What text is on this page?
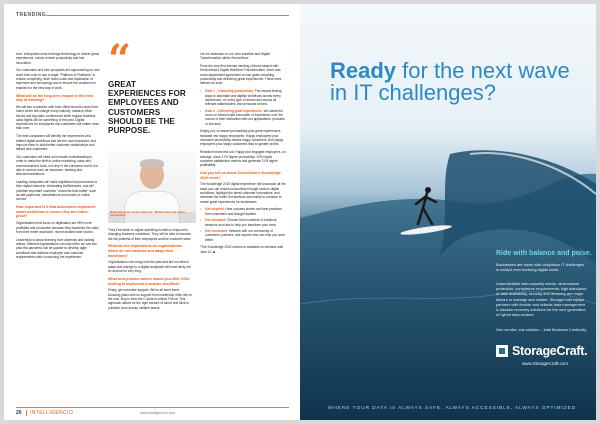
TRENDING

ever, enterprises must leverage technology to deliver great experiences, unlock remote productivity and fuel innovation.

Our customers and new prospects are approaching us now more than ever to use a single "Platform of Platforms" to reduce complexity, drive down costs and duplication of expenses and technology and to ensure the workforce is enabled for the new way of work.

What will be the long-term impact of this new way of working?

We will see a massive shift from office bound to work from home which will change every industry, massive office blocks and big sales conferences while regular business class flights will be something of the past. Digital experiences for employees and customers will matter more than ever.

The best companies will identify the experiences and related digital workflows that are the most important, and improve them to build better customer relationships and attract new customers.

Our customers will need an innovate understanding in order to make the shift to online marketing, sales and communications tools, not only in the consumer world, but also in sectors such as insurance, banking and telecommunications.

Leading companies will make significant improvements to their digital channels, eliminating inefficiencies, and will prioritise important customer "moments that matter" such as late payments, cancellations and moves to online service.

How important is it that businesses implement smart workflows to ensure they are future-proof?

Organisations that focus on digitisation are 26% more profitable and productive because they maximise the value from their entire workforce, recent studies have shown.

Leadership is about learning from adversity and looking ahead. Talented organisations can lead when we can see past this pandemic will be quicker to develop agile workflows that address employee and customer requirements while consuming the experience.

“
GREAT EXPERIENCES FOR EMPLOYEES AND CUSTOMERS SHOULD BE THE PURPOSE.
Mark Ackerman, Senior Director - Middle East and Africa, ServiceNow

They'll be faster to adjust operating models to respond to changing business conditions. They will be able to harness the full potential of their employees and the customer base.

What are the implications for organisations which do not reassess and adapt their workflows?

Organisations who hang onto the past and are not able to adapt and change to a digital workplace will most likely not be around for very long.

What best practice advice would you offer CIOs looking to implement a smarter workflow?

Firstly, get executive support. We've all been there. Amazing plans with no support from leadership often die on the vine. Buy-in from the C-suite is critical. Period. This approach allows for the right mixture of carrot and stick to prioritise work across multiple teams.

Let me elaborate on our own workflow and Digital Transformation within ServiceNow.

From the very first internal meeting of those tasked with ServiceNow's Digital Workflow Transformation, there was cross-department agreement on two goals unlocking productivity and delivering great experiences. These were defined as such:

• Goal 1 – Unlocking productivity: This means finding ways to automate and digitise workflows across every department, on every type of device and across all relevant stakeholders, and personas served.
• Goal 2 – Delivering great experiences: We wanted to focus on what people encounter or experience over the course of their interaction with our applications, products or services.

Simply put, increased productivity plus great experiences translate into happy employees. Happy employees plus increased productivity means happy customers. And happy employees plus happy customers lead to greater profits.

Research bears this out. Happy and engaged employees, on average, show 17% higher productivity, 10% higher customer satisfaction metrics and generate 21% higher profitability.

Can you tell us about ServiceNow's Knowledge 2020 event?

The Knowledge 2020 digital experience will showcase all the ways you can unlock productivity through modern digital workflows, highlight the latest customer innovations, and celebrate the entire ServiceNow community to continue to create great experiences for businesses.

• Get inspired: Hear success stories and best practices from customers and thought leaders.
• Get educated: Choose from hundreds of breakout sessions and labs to help you transform your work.
• Get connected: Network with our community of customers, partners, and experts who can help you work better.

*The Knowledge 2020 content is available on demand until June 10. ■

20 INTELLIGENCIO	www.intelligentcio.com
Ready for the next wave in IT challenges?
Ride with balance and poise.
Businesses are faced with ubiquitous IT challenges in today's ever-evolving digital world.
Unpredictable data capacity needs; ransomware protection; compliance requirements; high standards of data availability, security and recovery are major factors to manage and master. StorageCraft equips partners with flexible and reliable data management & disaster recovery solutions for the next generation of hybrid data centres.
One vendor, one solution – total Business Continuity.
StorageCraft.
www.StorageCraft.com
WHERE YOUR DATA IS ALWAYS SAFE, ALWAYS ACCESSIBLE, ALWAYS OPTIMIZED
